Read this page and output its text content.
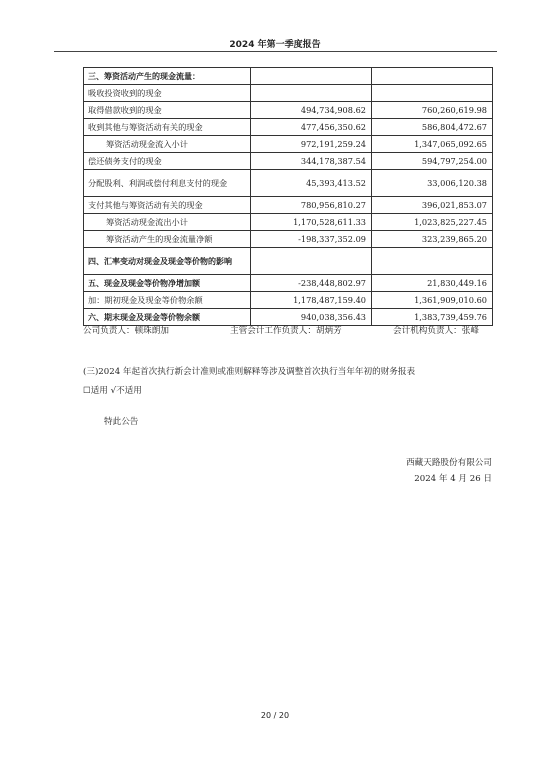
2024 年第一季度报告
三、筹资活动产生的现金流量：		
吸收投资收到的现金		
取得借款收到的现金	494,734,908.62	760,260,619.98
收到其他与筹资活动有关的现金	477,456,350.62	586,804,472.67
筹资活动现金流入小计	972,191,259.24	1,347,065,092.65
偿还债务支付的现金	344,178,387.54	594,797,254.00
分配股利、利润或偿付利息支付的现金	45,393,413.52	33,006,120.38
支付其他与筹资活动有关的现金	780,956,810.27	396,021,853.07
筹资活动现金流出小计	1,170,528,611.33	1,023,825,227.45
筹资活动产生的现金流量净额	-198,337,352.09	323,239,865.20
四、汇率变动对现金及现金等价物的影响		
五、现金及现金等价物净增加额	-238,448,802.97	21,830,449.16
加：期初现金及现金等价物余额	1,178,487,159.40	1,361,909,010.60
六、期末现金及现金等价物余额	940,038,356.43	1,383,739,459.76
公司负责人：顿珠朗加	主管会计工作负责人：胡炳芳	会计机构负责人：张峰
(三)2024 年起首次执行新会计准则或准则解释等涉及调整首次执行当年年初的财务报表
☐适用 √不适用
特此公告
西藏天路股份有限公司
2024 年 4 月 26 日
20 / 20
